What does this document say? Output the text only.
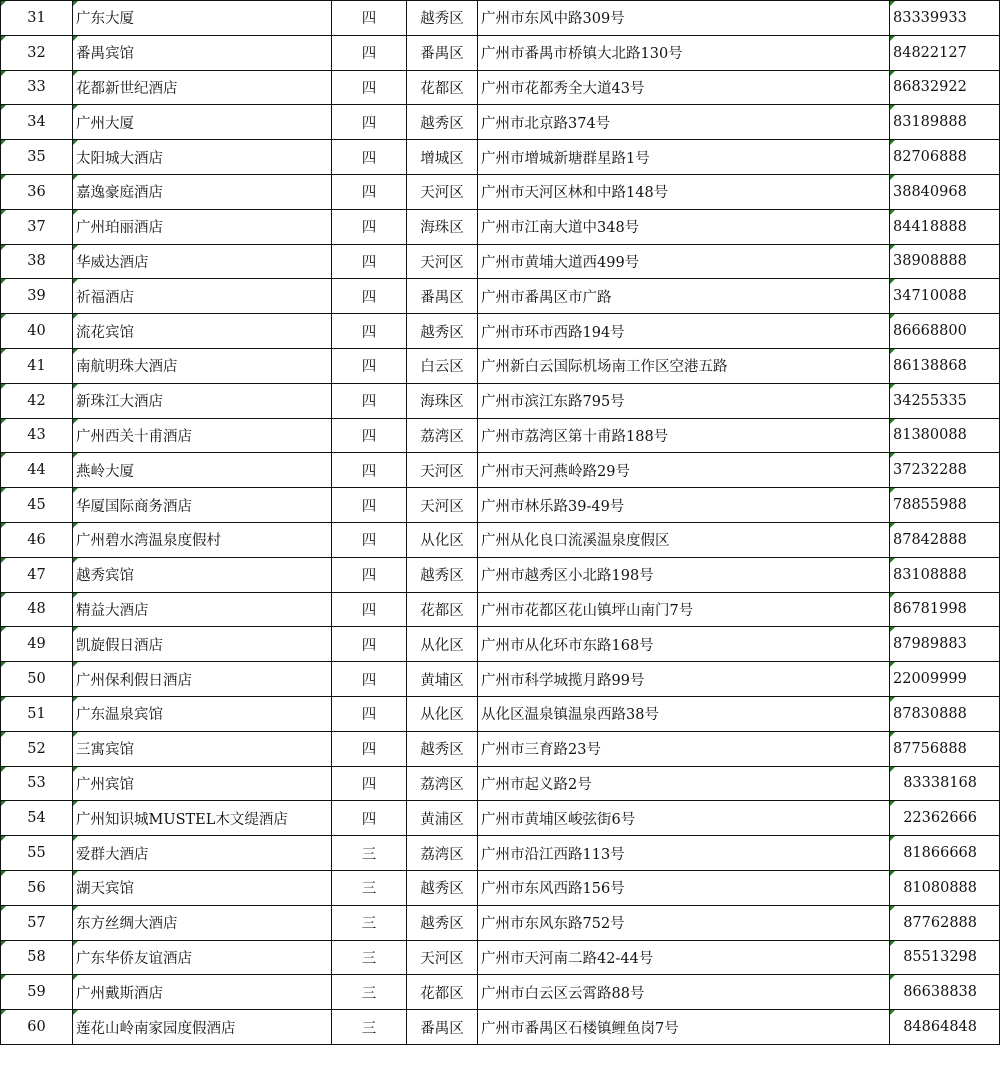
31	广东大厦	四	越秀区	广州市东风中路309号	83339933
32	番禺宾馆	四	番禺区	广州市番禺市桥镇大北路130号	84822127
33	花都新世纪酒店	四	花都区	广州市花都秀全大道43号	86832922
34	广州大厦	四	越秀区	广州市北京路374号	83189888
35	太阳城大酒店	四	增城区	广州市增城新塘群星路1号	82706888
36	嘉逸豪庭酒店	四	天河区	广州市天河区林和中路148号	38840968
37	广州珀丽酒店	四	海珠区	广州市江南大道中348号	84418888
38	华威达酒店	四	天河区	广州市黄埔大道西499号	38908888
39	祈福酒店	四	番禺区	广州市番禺区市广路	34710088
40	流花宾馆	四	越秀区	广州市环市西路194号	86668800
41	南航明珠大酒店	四	白云区	广州新白云国际机场南工作区空港五路	86138868
42	新珠江大酒店	四	海珠区	广州市滨江东路795号	34255335
43	广州西关十甫酒店	四	荔湾区	广州市荔湾区第十甫路188号	81380088
44	燕岭大厦	四	天河区	广州市天河燕岭路29号	37232288
45	华厦国际商务酒店	四	天河区	广州市林乐路39-49号	78855988
46	广州碧水湾温泉度假村	四	从化区	广州从化良口流溪温泉度假区	87842888
47	越秀宾馆	四	越秀区	广州市越秀区小北路198号	83108888
48	精益大酒店	四	花都区	广州市花都区花山镇坪山南门7号	86781998
49	凯旋假日酒店	四	从化区	广州市从化环市东路168号	87989883
50	广州保利假日酒店	四	黄埔区	广州市科学城揽月路99号	22009999
51	广东温泉宾馆	四	从化区	从化区温泉镇温泉西路38号	87830888
52	三寓宾馆	四	越秀区	广州市三育路23号	87756888
53	广州宾馆	四	荔湾区	广州市起义路2号	83338168
54	广州知识城MUSTEL木文缇酒店	四	黄浦区	广州市黄埔区峻弦街6号	22362666
55	爱群大酒店	三	荔湾区	广州市沿江西路113号	81866668
56	湖天宾馆	三	越秀区	广州市东风西路156号	81080888
57	东方丝绸大酒店	三	越秀区	广州市东风东路752号	87762888
58	广东华侨友谊酒店	三	天河区	广州市天河南二路42-44号	85513298
59	广州戴斯酒店	三	花都区	广州市白云区云霄路88号	86638838
60	莲花山岭南家园度假酒店	三	番禺区	广州市番禺区石楼镇鲤鱼岗7号	84864848
